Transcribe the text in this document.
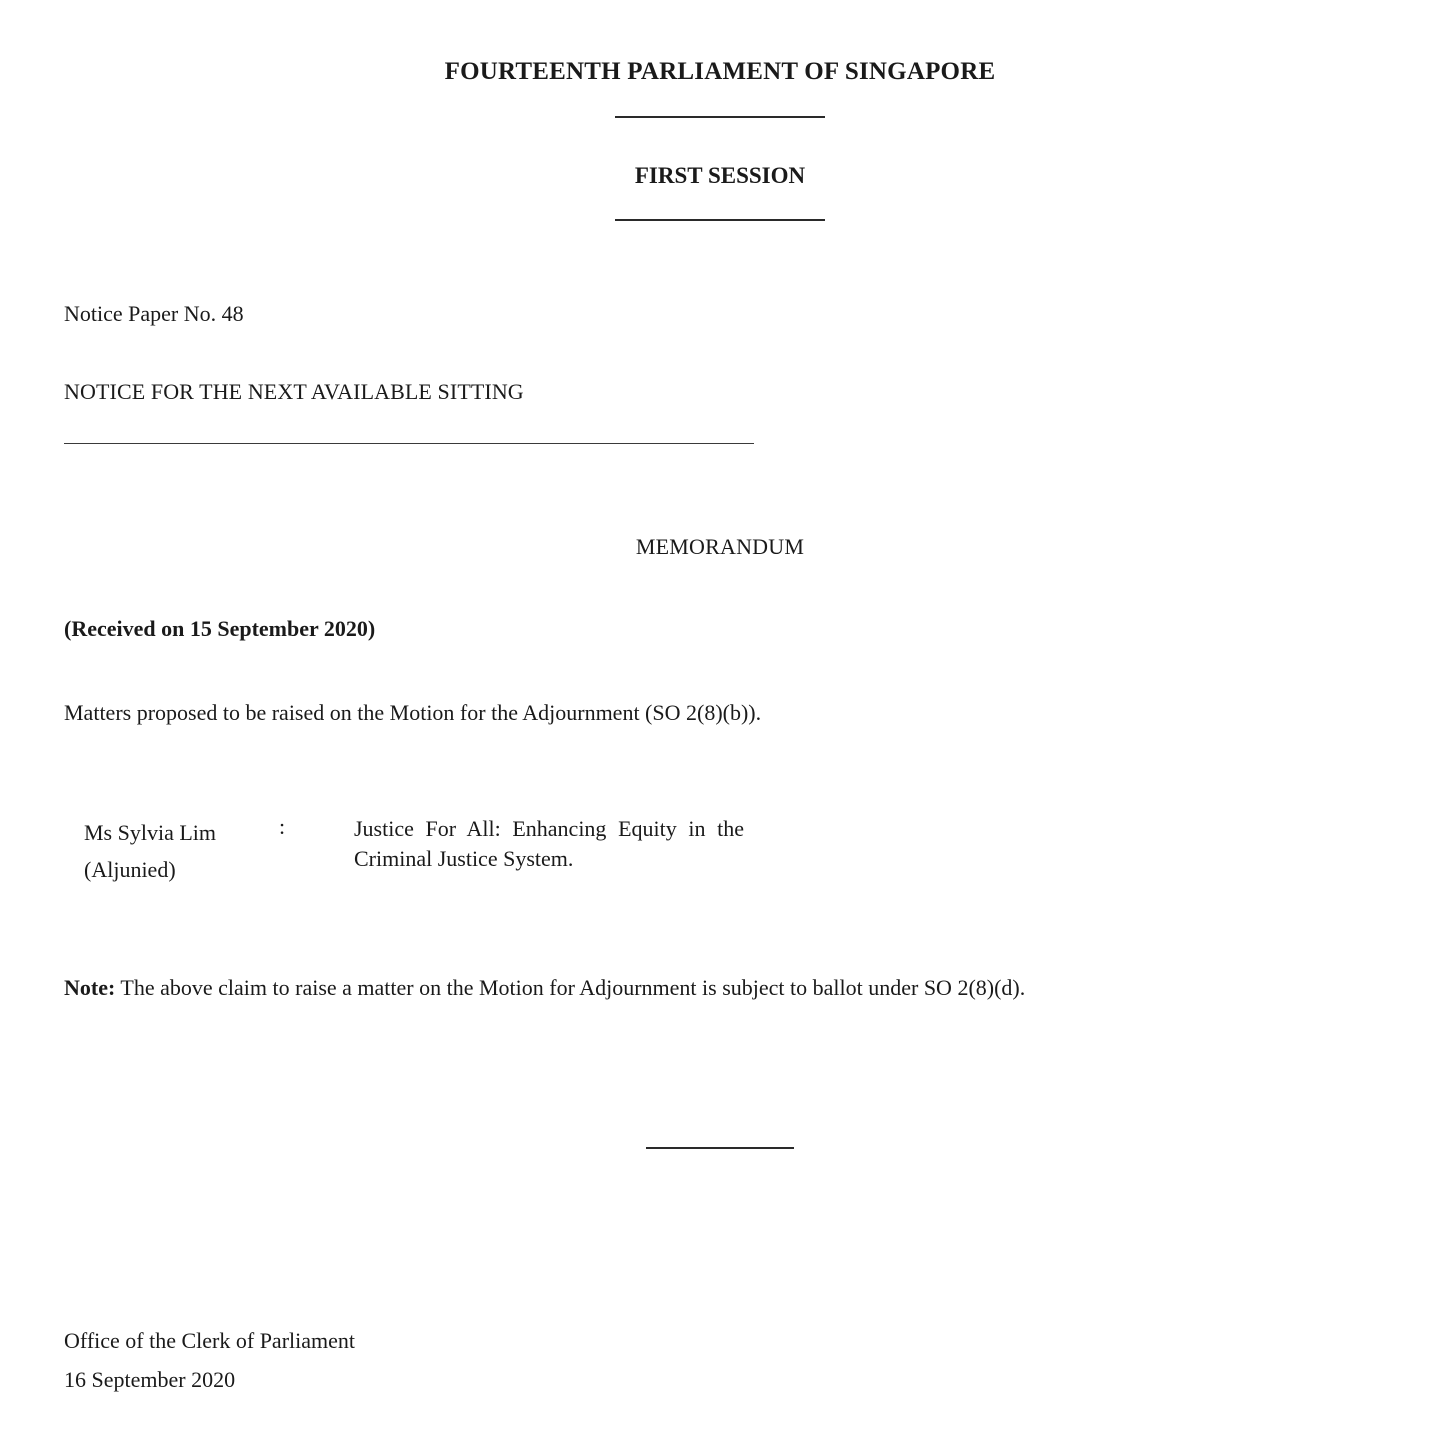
FOURTEENTH PARLIAMENT OF SINGAPORE
FIRST SESSION
Notice Paper No. 48
NOTICE FOR THE NEXT AVAILABLE SITTING
MEMORANDUM
(Received on 15 September 2020)
Matters proposed to be raised on the Motion for the Adjournment (SO 2(8)(b)).
Ms Sylvia Lim
(Aljunied)
:	Justice For All: Enhancing Equity in the Criminal Justice System.
Note: The above claim to raise a matter on the Motion for Adjournment is subject to ballot under SO 2(8)(d).
Office of the Clerk of Parliament
16 September 2020
